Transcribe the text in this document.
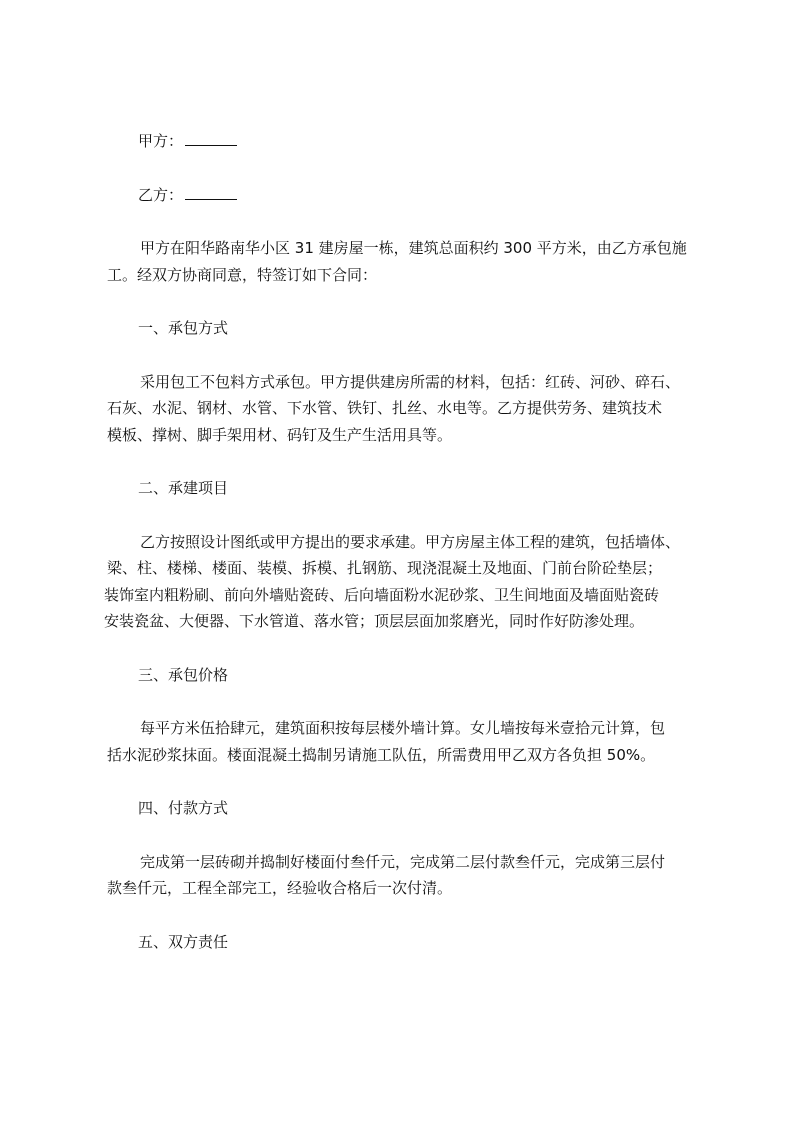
甲方：
乙方：
甲方在阳华路南华小区 31 建房屋一栋，建筑总面积约 300 平方米，由乙方承包施
工。经双方协商同意，特签订如下合同：
一、承包方式
采用包工不包料方式承包。甲方提供建房所需的材料，包括：红砖、河砂、碎石、
石灰、水泥、钢材、水管、下水管、铁钉、扎丝、水电等。乙方提供劳务、建筑技术
模板、撑树、脚手架用材、码钉及生产生活用具等。
二、承建项目
乙方按照设计图纸或甲方提出的要求承建。甲方房屋主体工程的建筑，包括墙体、
梁、柱、楼梯、楼面、装模、拆模、扎钢筋、现浇混凝土及地面、门前台阶砼垫层；
装饰室内粗粉刷、前向外墙贴瓷砖、后向墙面粉水泥砂浆、卫生间地面及墙面贴瓷砖
安装瓷盆、大便器、下水管道、落水管；顶层层面加浆磨光，同时作好防渗处理。
三、承包价格
每平方米伍拾肆元，建筑面积按每层楼外墙计算。女儿墙按每米壹拾元计算，包
括水泥砂浆抹面。楼面混凝土捣制另请施工队伍，所需费用甲乙双方各负担 50%。
四、付款方式
完成第一层砖砌并捣制好楼面付叁仟元，完成第二层付款叁仟元，完成第三层付
款叁仟元，工程全部完工，经验收合格后一次付清。
五、双方责任
